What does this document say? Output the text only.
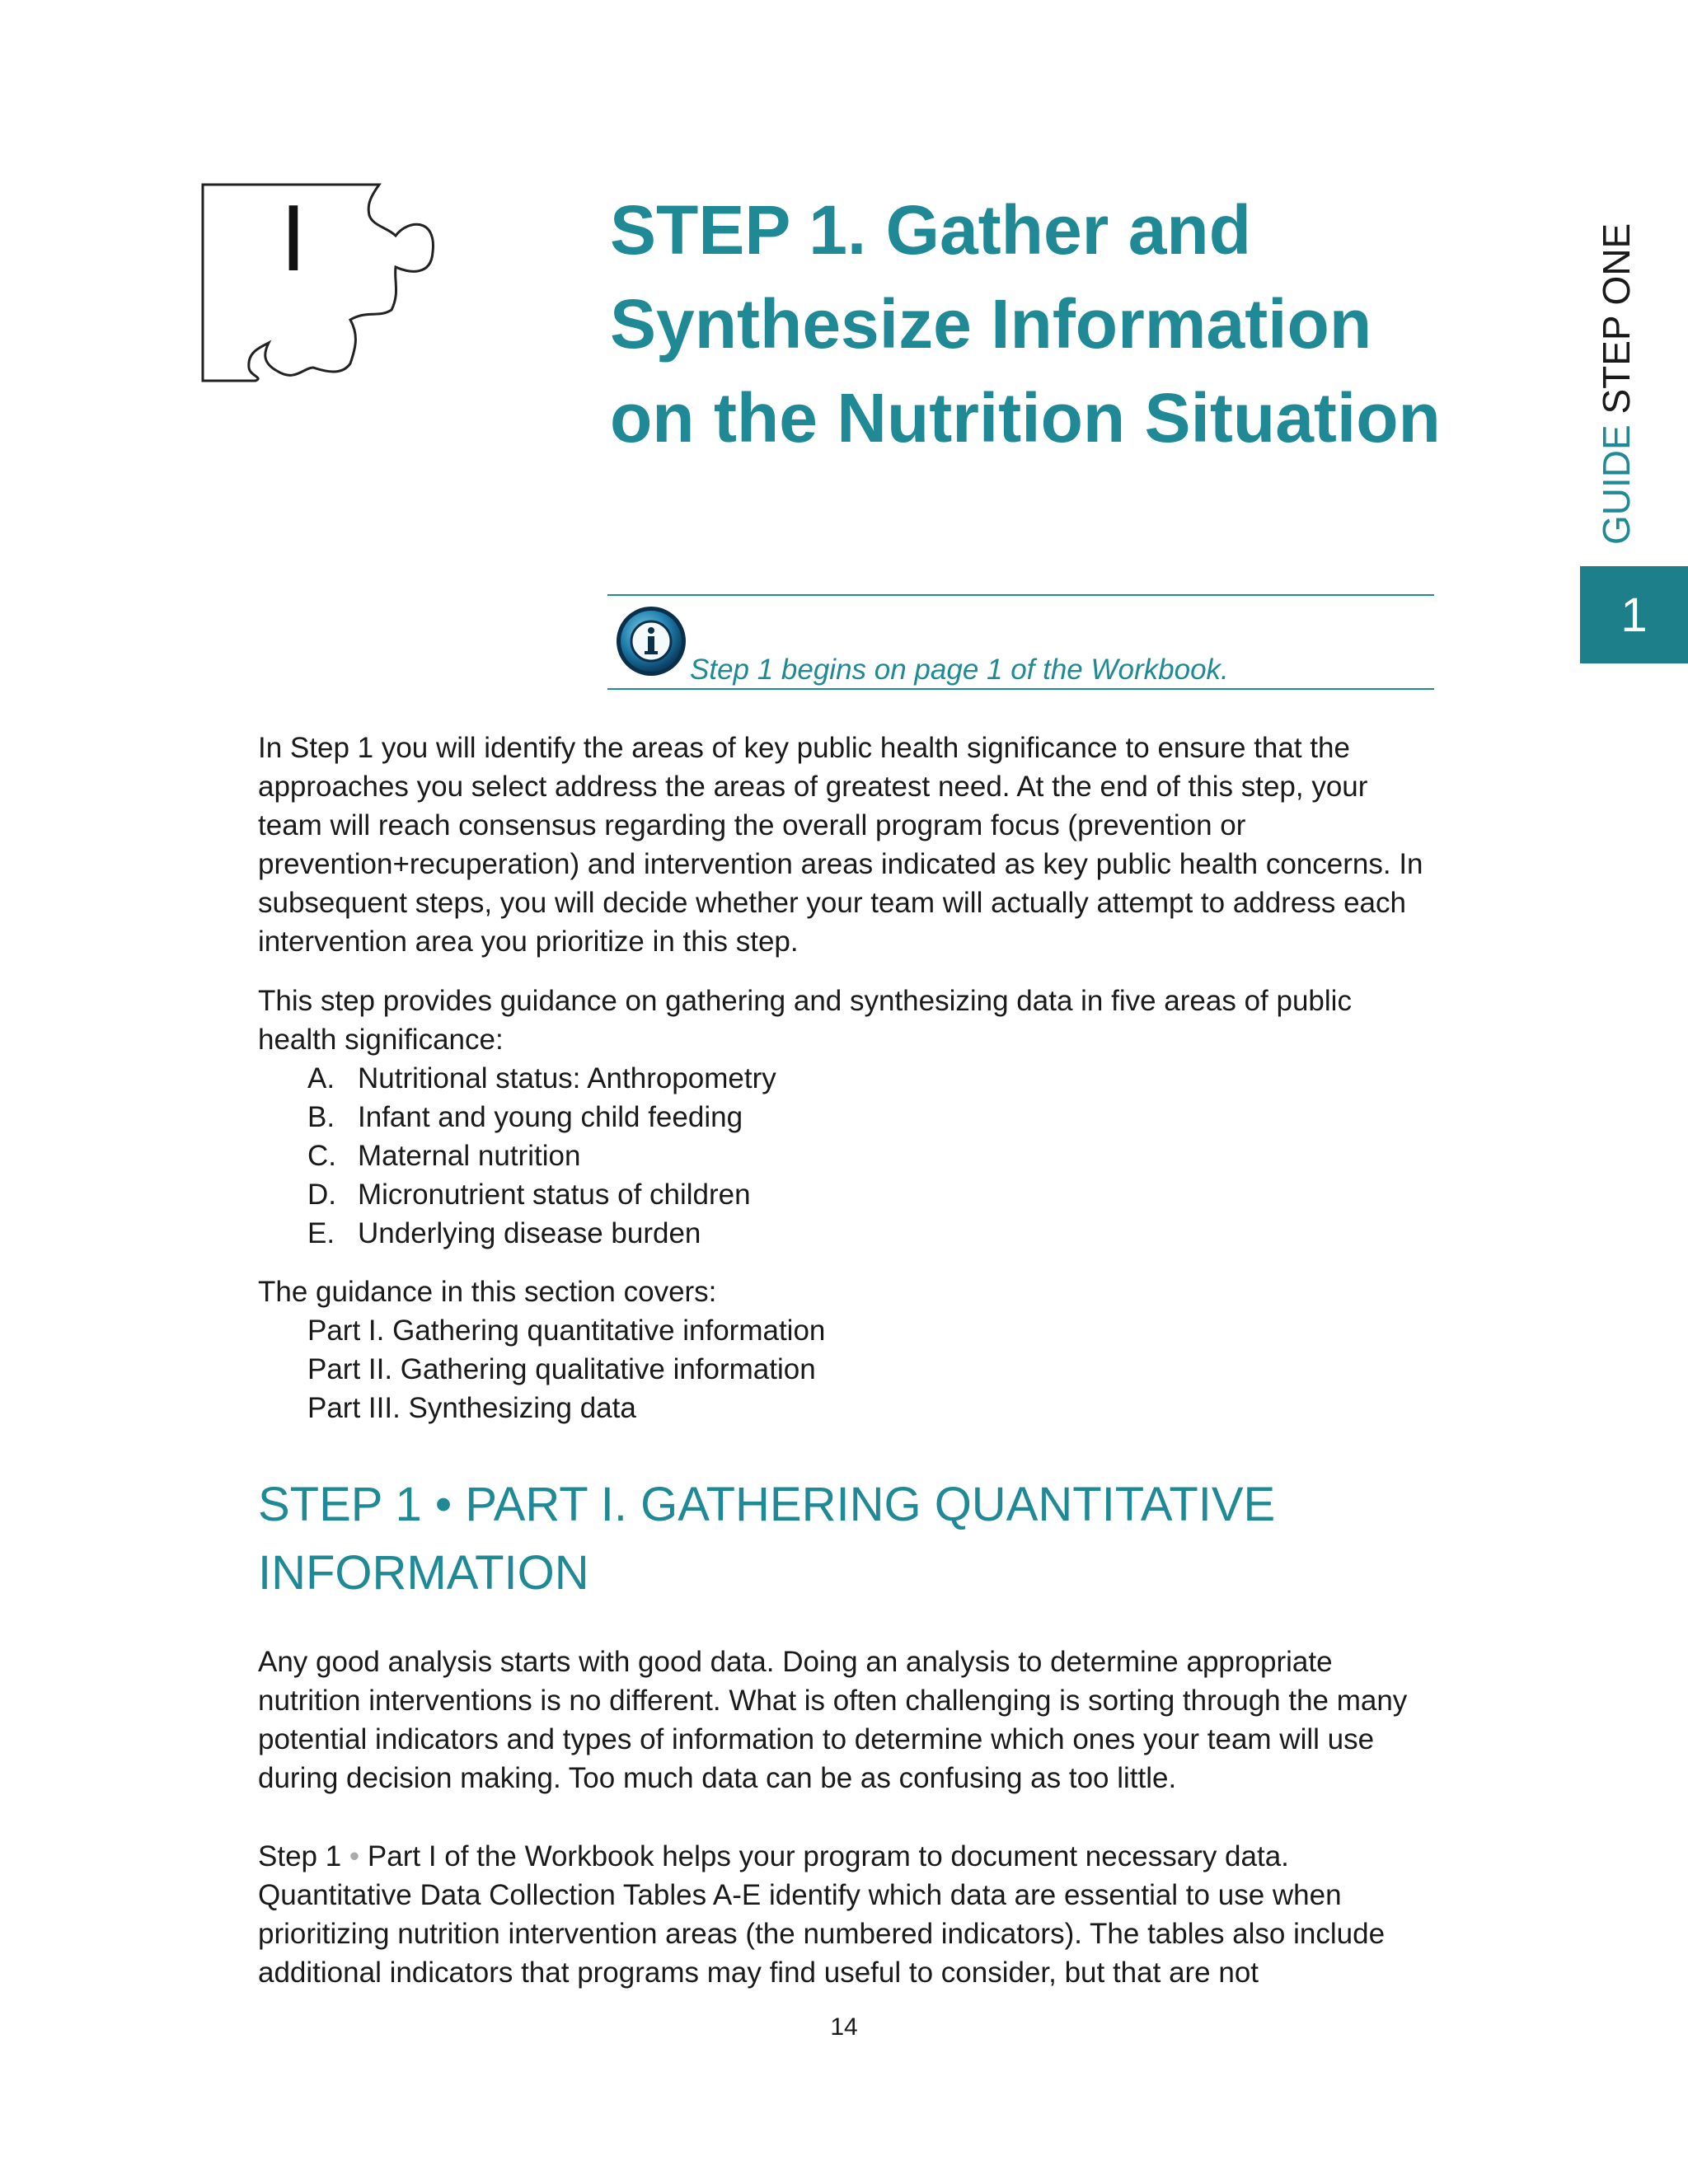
I	STEP 1. Gather and Synthesize Information on the Nutrition Situation
GUIDE STEP ONE
1
Step 1 begins on page 1 of the Workbook.

In Step 1 you will identify the areas of key public health significance to ensure that the approaches you select address the areas of greatest need. At the end of this step, your team will reach consensus regarding the overall program focus (prevention or prevention+recuperation) and intervention areas indicated as key public health concerns. In subsequent steps, you will decide whether your team will actually attempt to address each intervention area you prioritize in this step.

This step provides guidance on gathering and synthesizing data in five areas of public health significance:

A. Nutritional status: Anthropometry
B. Infant and young child feeding
C. Maternal nutrition
D. Micronutrient status of children
E. Underlying disease burden

The guidance in this section covers:

Part I. Gathering quantitative information
Part II. Gathering qualitative information
Part III. Synthesizing data
STEP 1 • PART I. GATHERING QUANTITATIVE INFORMATION

Any good analysis starts with good data. Doing an analysis to determine appropriate nutrition interventions is no different. What is often challenging is sorting through the many potential indicators and types of information to determine which ones your team will use during decision making. Too much data can be as confusing as too little.

Step 1 • Part I of the Workbook helps your program to document necessary data. Quantitative Data Collection Tables A-E identify which data are essential to use when prioritizing nutrition intervention areas (the numbered indicators). The tables also include additional indicators that programs may find useful to consider, but that are not

14
